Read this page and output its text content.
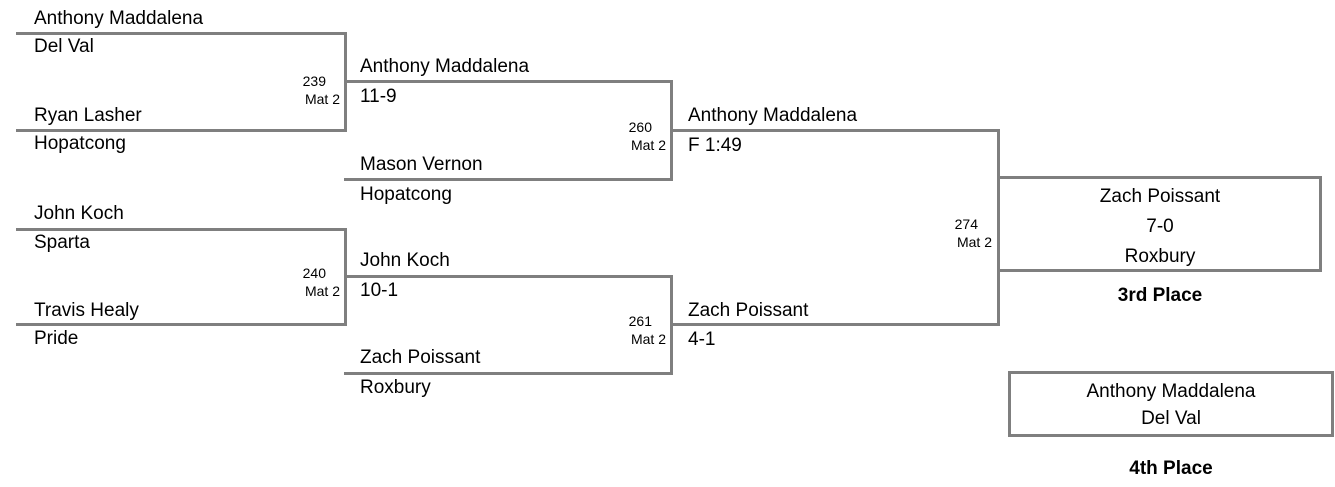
Anthony Maddalena
Del Val
239
Mat 2
Ryan Lasher
Hopatcong
John Koch
Sparta
240
Mat 2
Travis Healy
Pride
Anthony Maddalena
11-9
260
Mat 2
Mason Vernon
Hopatcong
John Koch
10-1
261
Mat 2
Zach Poissant
Roxbury
Anthony Maddalena
F 1:49
274
Mat 2
Zach Poissant
4-1
Zach Poissant
7-0
Roxbury
3rd Place
Anthony Maddalena
Del Val
4th Place
